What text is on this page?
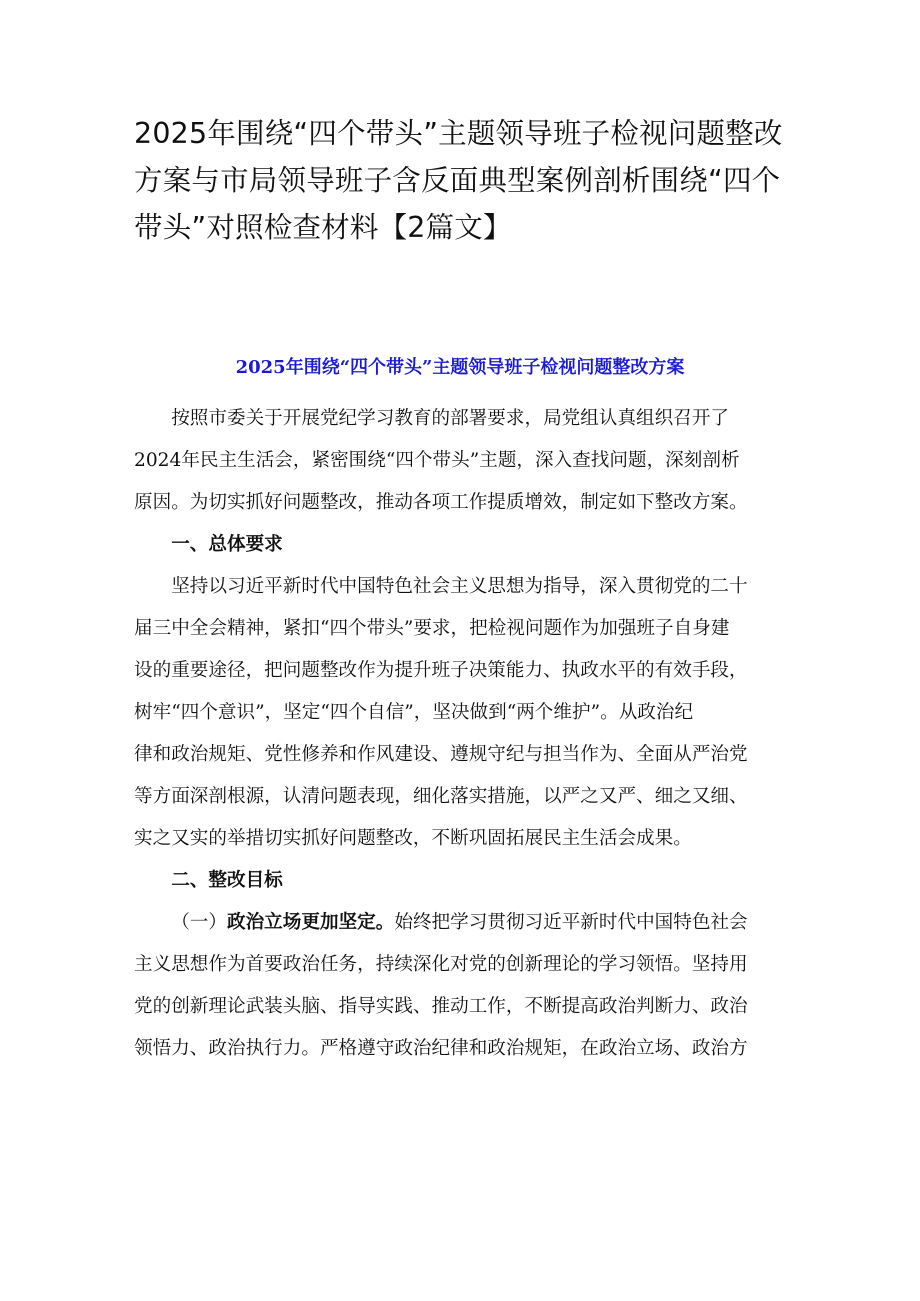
2025年围绕“四个带头”主题领导班子检视问题整改方案与市局领导班子含反面典型案例剖析围绕“四个带头”对照检查材料【2篇文】
2025年围绕“四个带头”主题领导班子检视问题整改方案

按照市委关于开展党纪学习教育的部署要求，局党组认真组织召开了
2024年民主生活会，紧密围绕“四个带头”主题，深入查找问题，深刻剖析
原因。为切实抓好问题整改，推动各项工作提质增效，制定如下整改方案。

一、总体要求

坚持以习近平新时代中国特色社会主义思想为指导，深入贯彻党的二十
届三中全会精神，紧扣“四个带头”要求，把检视问题作为加强班子自身建
设的重要途径，把问题整改作为提升班子决策能力、执政水平的有效手段，
树牢“四个意识”，坚定“四个自信”，坚决做到“两个维护”。从政治纪
律和政治规矩、党性修养和作风建设、遵规守纪与担当作为、全面从严治党
等方面深剖根源，认清问题表现，细化落实措施，以严之又严、细之又细、
实之又实的举措切实抓好问题整改，不断巩固拓展民主生活会成果。

二、整改目标

（一）政治立场更加坚定。始终把学习贯彻习近平新时代中国特色社会
主义思想作为首要政治任务，持续深化对党的创新理论的学习领悟。坚持用
党的创新理论武装头脑、指导实践、推动工作，不断提高政治判断力、政治
领悟力、政治执行力。严格遵守政治纪律和政治规矩，在政治立场、政治方
